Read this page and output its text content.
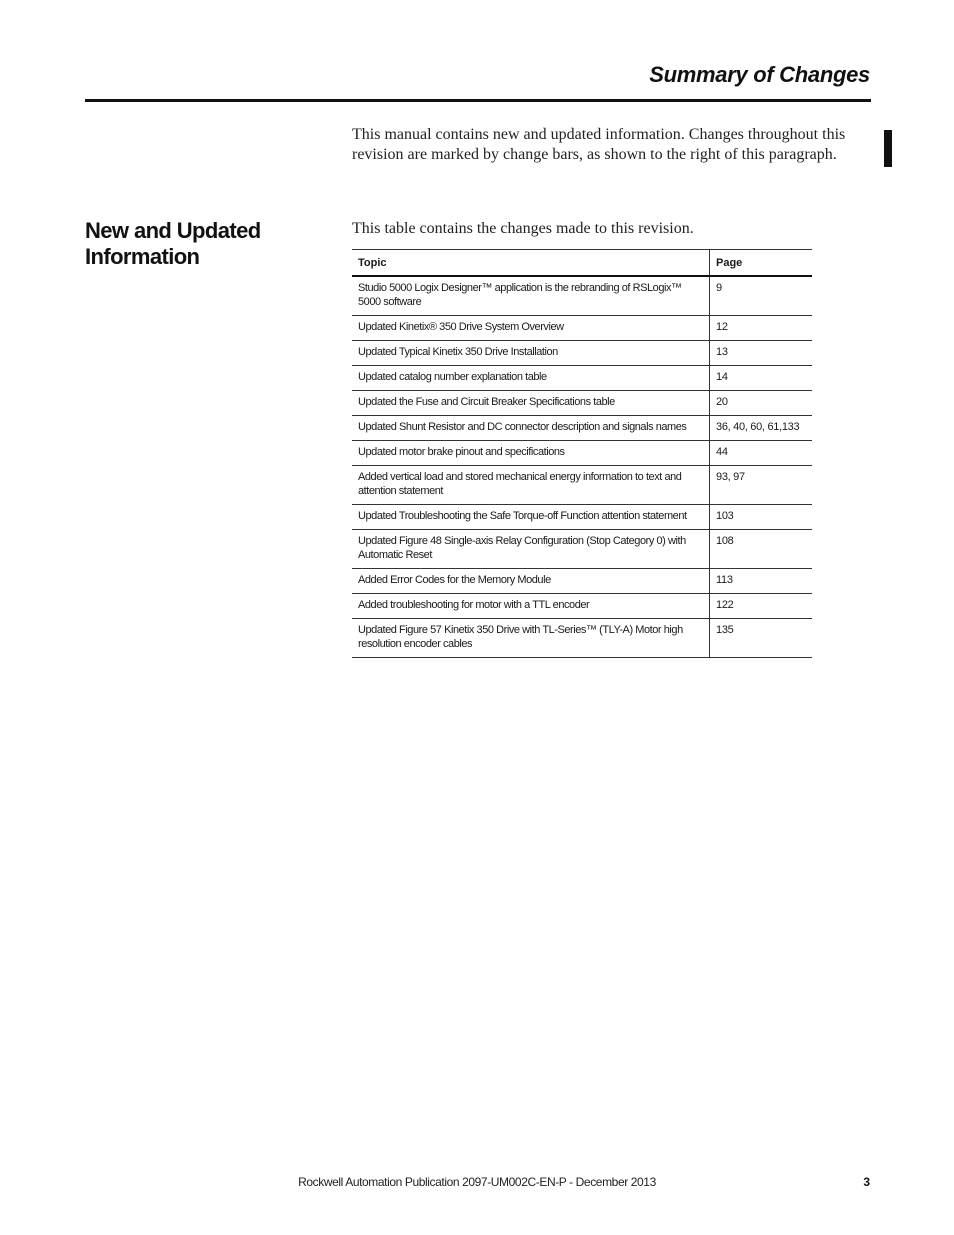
Summary of Changes

This manual contains new and updated information. Changes throughout this revision are marked by change bars, as shown to the right of this paragraph.

New and Updated Information

This table contains the changes made to this revision.

Topic	Page
Studio 5000 Logix Designer™ application is the rebranding of RSLogix™ 5000 software	9
Updated Kinetix® 350 Drive System Overview	12
Updated Typical Kinetix 350 Drive Installation	13
Updated catalog number explanation table	14
Updated the Fuse and Circuit Breaker Specifications table	20
Updated Shunt Resistor and DC connector description and signals names	36, 40, 60, 61,133
Updated motor brake pinout and specifications	44
Added vertical load and stored mechanical energy information to text and attention statement	93, 97
Updated Troubleshooting the Safe Torque-off Function attention statement	103
Updated Figure 48 Single-axis Relay Configuration (Stop Category 0) with Automatic Reset	108
Added Error Codes for the Memory Module	113
Added troubleshooting for motor with a TTL encoder	122
Updated Figure 57 Kinetix 350 Drive with TL-Series™ (TLY-A) Motor high resolution encoder cables	135
Rockwell Automation Publication 2097-UM002C-EN-P - December 2013	3
